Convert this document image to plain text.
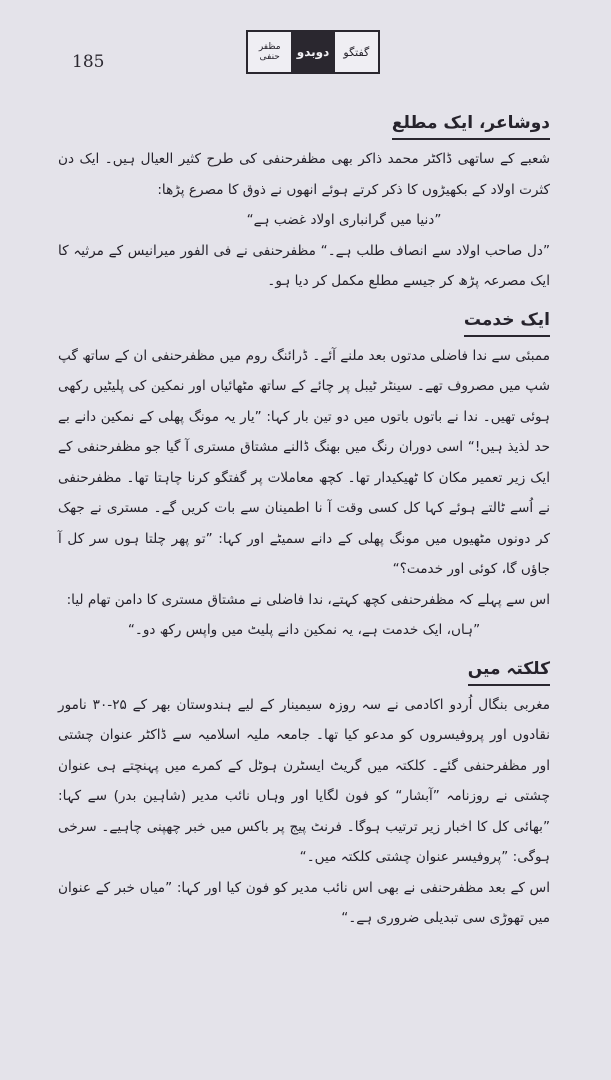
185	گفتگو
دوبدو
مظفر
حنفی
دوشاعر، ایک مطلع

شعبے کے ساتھی ڈاکٹر محمد ذاکر بھی مظفرحنفی کی طرح کثیر العیال ہیں۔ ایک دن کثرت اولاد کے بکھیڑوں کا ذکر کرتے ہوئے انھوں نے ذوق کا مصرع پڑھا:

”دنیا میں گرانباری اولاد غضب ہے“

”دل صاحب اولاد سے انصاف طلب ہے۔“ مظفرحنفی نے فی الفور میرانیس کے مرثیہ کا ایک مصرعہ پڑھ کر جیسے مطلع مکمل کر دیا ہو۔

ایک خدمت

ممبئی سے ندا فاضلی مدتوں بعد ملنے آئے۔ ڈرائنگ روم میں مظفرحنفی ان کے ساتھ گپ شپ میں مصروف تھے۔ سینٹر ٹیبل پر چائے کے ساتھ مٹھائیاں اور نمکین کی پلیٹیں رکھی ہوئی تھیں۔ ندا نے باتوں باتوں میں دو تین بار کہا: ”یار یہ مونگ پھلی کے نمکین دانے بے حد لذیذ ہیں!“ اسی دوران رنگ میں بھنگ ڈالنے مشتاق مستری آ گیا جو مظفرحنفی کے ایک زیر تعمیر مکان کا ٹھیکیدار تھا۔ کچھ معاملات پر گفتگو کرنا چاہتا تھا۔ مظفرحنفی نے اُسے ٹالتے ہوئے کہا کل کسی وقت آ نا اطمینان سے بات کریں گے۔ مستری نے جھک کر دونوں مٹھیوں میں مونگ پھلی کے دانے سمیٹے اور کہا: ”تو پھر چلتا ہوں سر کل آ جاؤں گا، کوئی اور خدمت؟“

اس سے پہلے کہ مظفرحنفی کچھ کہتے، ندا فاضلی نے مشتاق مستری کا دامن تھام لیا:

”ہاں، ایک خدمت ہے، یہ نمکین دانے پلیٹ میں واپس رکھ دو۔“

کلکتہ میں

مغربی بنگال اُردو اکادمی نے سہ روزہ سیمینار کے لیے ہندوستان بھر کے ۲۵-۳۰ نامور نقادوں اور پروفیسروں کو مدعو کیا تھا۔ جامعہ ملیہ اسلامیہ سے ڈاکٹر عنوان چشتی اور مظفرحنفی گئے۔ کلکتہ میں گریٹ ایسٹرن ہوٹل کے کمرے میں پہنچتے ہی عنوان چشتی نے روزنامہ ”آبشار“ کو فون لگایا اور وہاں نائب مدیر (شاہین بدر) سے کہا: ”بھائی کل کا اخبار زیر ترتیب ہوگا۔ فرنٹ پیج پر باکس میں خبر چھپنی چاہیے۔ سرخی ہوگی: ”پروفیسر عنوان چشتی کلکتہ میں۔“

اس کے بعد مظفرحنفی نے بھی اس نائب مدیر کو فون کیا اور کہا: ”میاں خبر کے عنوان میں تھوڑی سی تبدیلی ضروری ہے۔“
